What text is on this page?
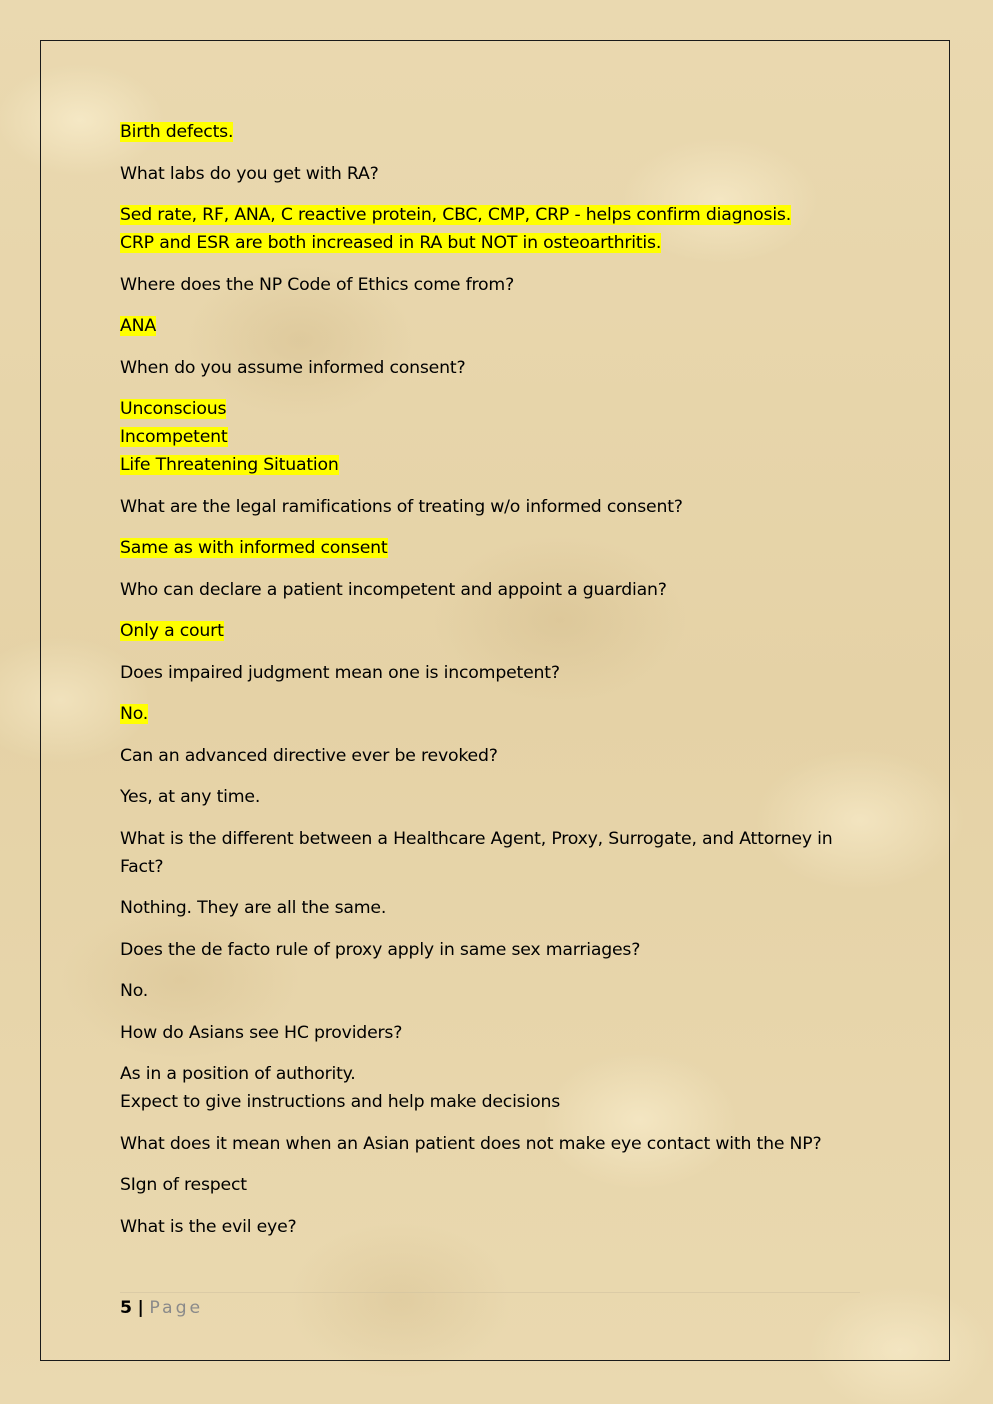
Birth defects.
What labs do you get with RA?
Sed rate, RF, ANA, C reactive protein, CBC, CMP, CRP - helps confirm diagnosis.
CRP and ESR are both increased in RA but NOT in osteoarthritis.
Where does the NP Code of Ethics come from?
ANA
When do you assume informed consent?
Unconscious
Incompetent
Life Threatening Situation
What are the legal ramifications of treating w/o informed consent?
Same as with informed consent
Who can declare a patient incompetent and appoint a guardian?
Only a court
Does impaired judgment mean one is incompetent?
No.
Can an advanced directive ever be revoked?
Yes, at any time.
What is the different between a Healthcare Agent, Proxy, Surrogate, and Attorney in Fact?
Nothing. They are all the same.
Does the de facto rule of proxy apply in same sex marriages?
No.
How do Asians see HC providers?
As in a position of authority.
Expect to give instructions and help make decisions
What does it mean when an Asian patient does not make eye contact with the NP?
SIgn of respect
What is the evil eye?
5 | Page
